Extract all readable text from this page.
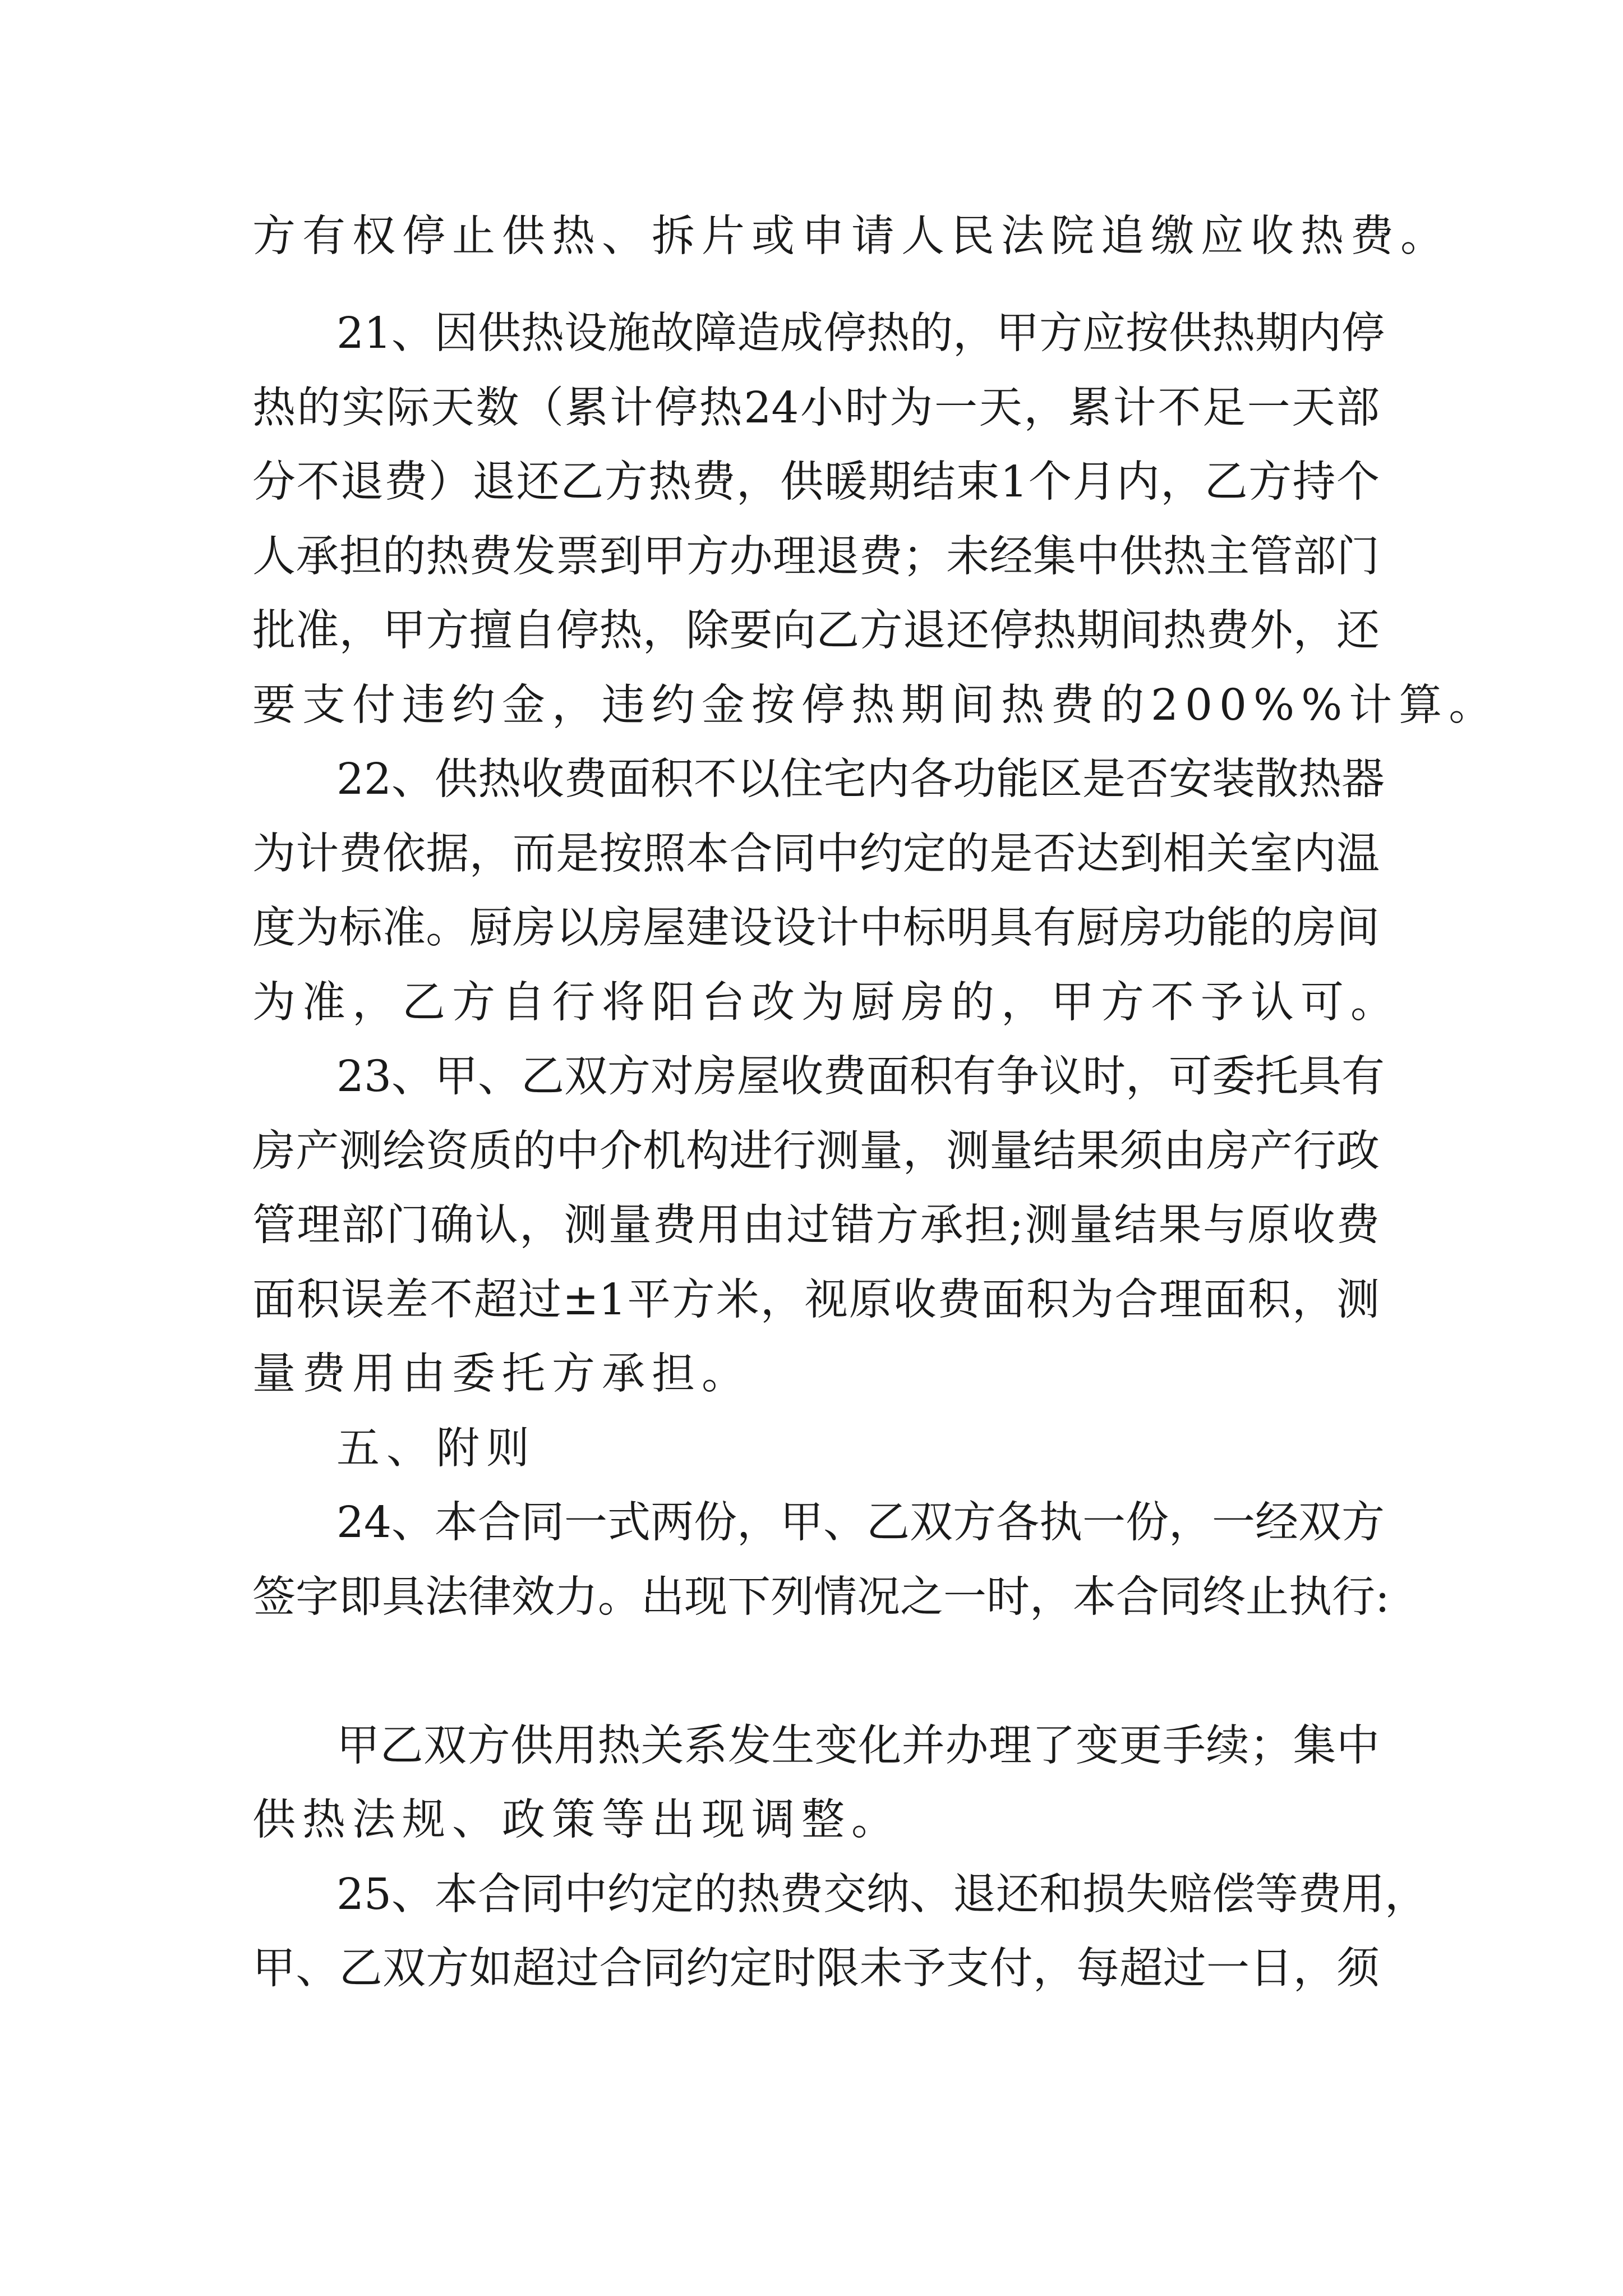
方有权停止供热、拆片或申请人民法院追缴应收热费。
21、因供热设施故障造成停热的，甲方应按供热期内停
热的实际天数（累计停热24小时为一天，累计不足一天部
分不退费）退还乙方热费，供暖期结束1个月内，乙方持个
人承担的热费发票到甲方办理退费；未经集中供热主管部门
批准，甲方擅自停热，除要向乙方退还停热期间热费外，还
要支付违约金，违约金按停热期间热费的200%%计算。
22、供热收费面积不以住宅内各功能区是否安装散热器
为计费依据，而是按照本合同中约定的是否达到相关室内温
度为标准。厨房以房屋建设设计中标明具有厨房功能的房间
为准，乙方自行将阳台改为厨房的，甲方不予认可。
23、甲、乙双方对房屋收费面积有争议时，可委托具有
房产测绘资质的中介机构进行测量，测量结果须由房产行政
管理部门确认，测量费用由过错方承担;测量结果与原收费
面积误差不超过±1平方米，视原收费面积为合理面积，测
量费用由委托方承担。
五、附则
24、本合同一式两份，甲、乙双方各执一份，一经双方
签字即具法律效力。出现下列情况之一时，本合同终止执行:
甲乙双方供用热关系发生变化并办理了变更手续；集中
供热法规、政策等出现调整。
25、本合同中约定的热费交纳、退还和损失赔偿等费用，
甲、乙双方如超过合同约定时限未予支付，每超过一日，须
